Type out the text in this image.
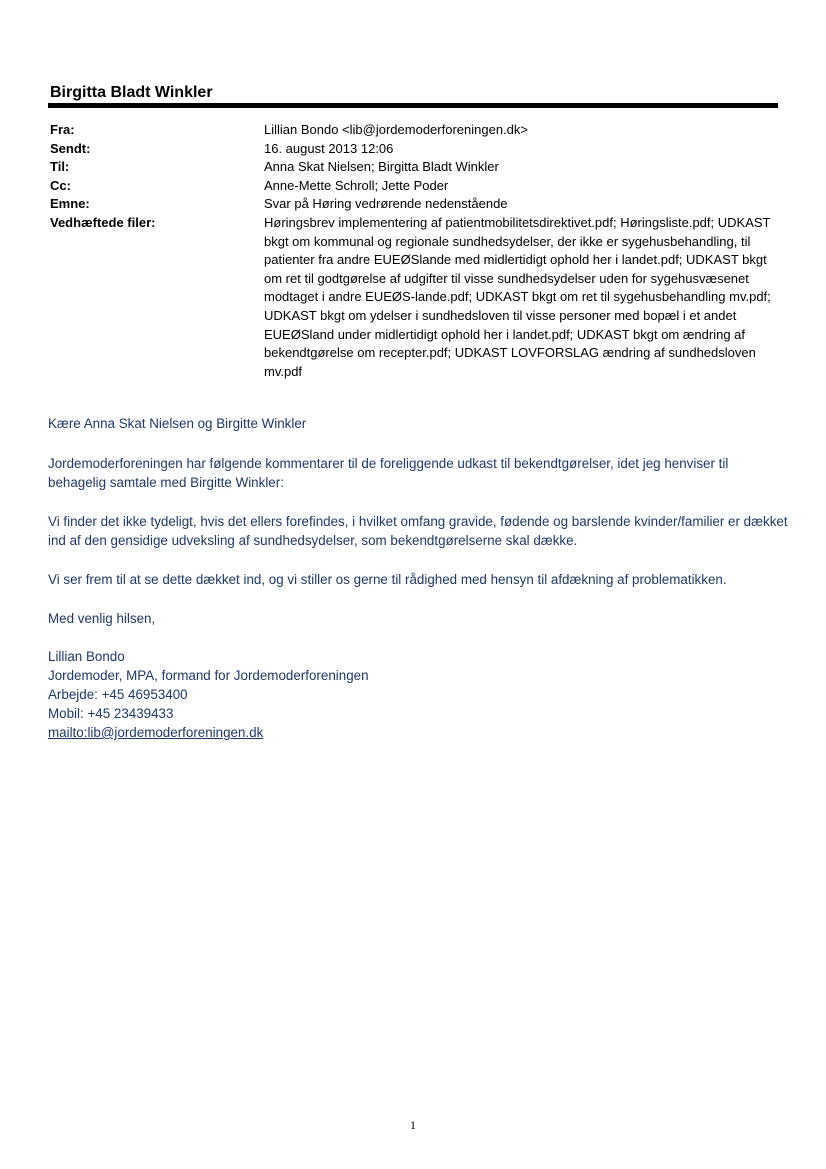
Birgitta Bladt Winkler
Fra:	Lillian Bondo <lib@jordemoderforeningen.dk>
Sendt:	16. august 2013 12:06
Til:	Anna Skat Nielsen; Birgitta Bladt Winkler
Cc:	Anne-Mette Schroll; Jette Poder
Emne:	Svar på Høring vedrørende nedenstående
Vedhæftede filer:	Høringsbrev implementering af patientmobilitetsdirektivet.pdf; Høringsliste.pdf; UDKAST bkgt om kommunal og regionale sundhedsydelser, der ikke er sygehusbehandling, til patienter fra andre EUEØSlande med midlertidigt ophold her i landet.pdf; UDKAST bkgt om ret til godtgørelse af udgifter til visse sundhedsydelser uden for sygehusvæsenet modtaget i andre EUEØS-lande.pdf; UDKAST bkgt om ret til sygehusbehandling mv.pdf; UDKAST bkgt om ydelser i sundhedsloven til visse personer med bopæl i et andet EUEØSland under midlertidigt ophold her i landet.pdf; UDKAST bkgt om ændring af bekendtgørelse om recepter.pdf; UDKAST LOVFORSLAG ændring af sundhedsloven mv.pdf

Kære Anna Skat Nielsen og Birgitte Winkler

Jordemoderforeningen har følgende kommentarer til de foreliggende udkast til bekendtgørelser, idet jeg henviser til behagelig samtale med Birgitte Winkler:

Vi finder det ikke tydeligt, hvis det ellers forefindes, i hvilket omfang gravide, fødende og barslende kvinder/familier er dækket ind af den gensidige udveksling af sundhedsydelser, som bekendtgørelserne skal dække.

Vi ser frem til at se dette dækket ind, og vi stiller os gerne til rådighed med hensyn til afdækning af problematikken.

Med venlig hilsen,

Lillian Bondo
Jordemoder, MPA, formand for Jordemoderforeningen
Arbejde: +45 46953400
Mobil: +45 23439433
mailto:lib@jordemoderforeningen.dk
1
